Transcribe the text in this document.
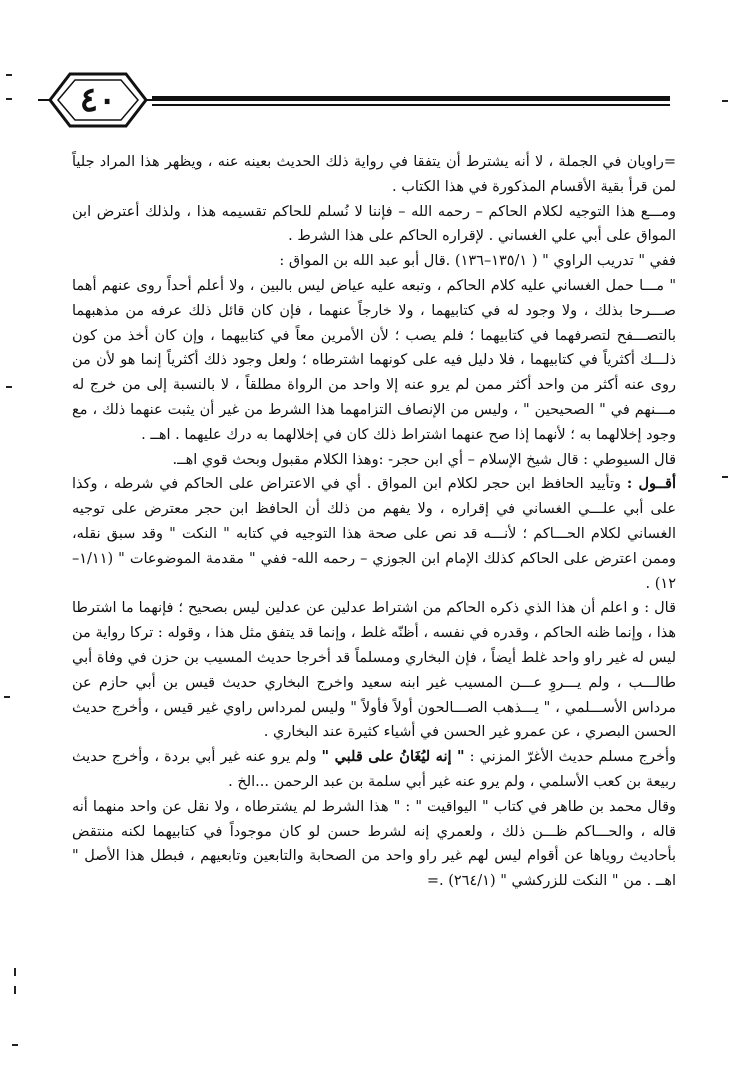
٤٠

=راويان في الجملة ، لا أنه يشترط أن يتفقا في رواية ذلك الحديث بعينه عنه ، ويظهر هذا المراد جلياً لمن قرأ بقية الأقسام المذكورة في هذا الكتاب .

ومـــع هذا التوجيه لكلام الحاكم – رحمه الله – فإننا لا نُسلم للحاكم تقسيمه هذا ، ولذلك أعترض ابن المواق على أبي علي الغساني . لإقراره الحاكم على هذا الشرط .

ففي " تدريب الراوي " ( ١٣٥/١–١٣٦) .قال أبو عبد الله بن المواق :

" مـــا حمل الغساني عليه كلام الحاكم ، وتبعه عليه عياض ليس بالبين ، ولا أعلم أحداً روى عنهم أهما صـــرحا بذلك ، ولا وجود له في كتابيهما ، ولا خارجاً عنهما ، فإن كان قائل ذلك عرفه من مذهبهما بالتصـــفح لتصرفهما في كتابيهما ؛ فلم يصب ؛ لأن الأمرين معاً في كتابيهما ، وإن كان أخذ من كون ذلـــك أكثرياً في كتابيهما ، فلا دليل فيه على كونهما اشترطاه ؛ ولعل وجود ذلك أكثرياً إنما هو لأن من روى عنه أكثر من واحد أكثر ممن لم يرو عنه إلا واحد من الرواة مطلقاً ، لا بالنسبة إلى من خرج له مـــنهم في " الصحيحين " ، وليس من الإنصاف التزامهما هذا الشرط من غير أن يثبت عنهما ذلك ، مع وجود إخلالهما به ؛ لأنهما إذا صح عنهما اشتراط ذلك كان في إخلالهما به درك عليهما . اهــ .

قال السيوطي : قال شيخ الإسلام – أي ابن حجر- :وهذا الكلام مقبول وبحث قوي اهــ.

أقــول : وتأييد الحافظ ابن حجر لكلام ابن المواق . أي في الاعتراض على الحاكم في شرطه ، وكذا على أبي علـــي الغساني في إقراره ، ولا يفهم من ذلك أن الحافظ ابن حجر معترض على توجيه الغساني لكلام الحـــاكم ؛ لأنـــه قد نص على صحة هذا التوجيه في كتابه " النكت " وقد سبق نقله، وممن اعترض على الحاكم كذلك الإمام ابن الجوزي – رحمه الله- ففي " مقدمة الموضوعات " (١/١١–١٢) .

قال : و اعلم أن هذا الذي ذكره الحاكم من اشتراط عدلين عن عدلين ليس بصحيح ؛ فإنهما ما اشترطا هذا ، وإنما ظنه الحاكم ، وقدره في نفسه ، أظنّه غلط ، وإنما قد يتفق مثل هذا ، وقوله : تركا رواية من ليس له غير راو واحد غلط أيضاً ، فإن البخاري ومسلماً قد أخرجا حديث المسيب بن حزن في وفاة أبي طالـــب ، ولم يـــروِ عـــن المسيب غير ابنه سعيد واخرج البخاري حديث قيس بن أبي حازم عن مرداس الأســـلمي ، " يـــذهب الصـــالحون أولاً فأولاً " وليس لمرداس راوي غير قيس ، وأخرج حديث الحسن البصري ، عن عمرو غير الحسن في أشياء كثيرة عند البخاري .

وأخرج مسلم حديث الأغرّ المزني : " إنه ليُغَانُ على قلبي " ولم يرو عنه غير أبي بردة ، وأخرج حديث ربيعة بن كعب الأسلمي ، ولم يرو عنه غير أبي سلمة بن عبد الرحمن ...الخ .

وقال محمد بن طاهر في كتاب " اليواقيت " : " هذا الشرط لم يشترطاه ، ولا نقل عن واحد منهما أنه قاله ، والحـــاكم ظـــن ذلك ، ولعمري إنه لشرط حسن لو كان موجوداً في كتابيهما لكنه منتقض بأحاديث روياها عن أقوام ليس لهم غير راو واحد من الصحابة والتابعين وتابعيهم ، فبطل هذا الأصل " اهــ . من " النكت للزركشي " (٢٦٤/١) .=
